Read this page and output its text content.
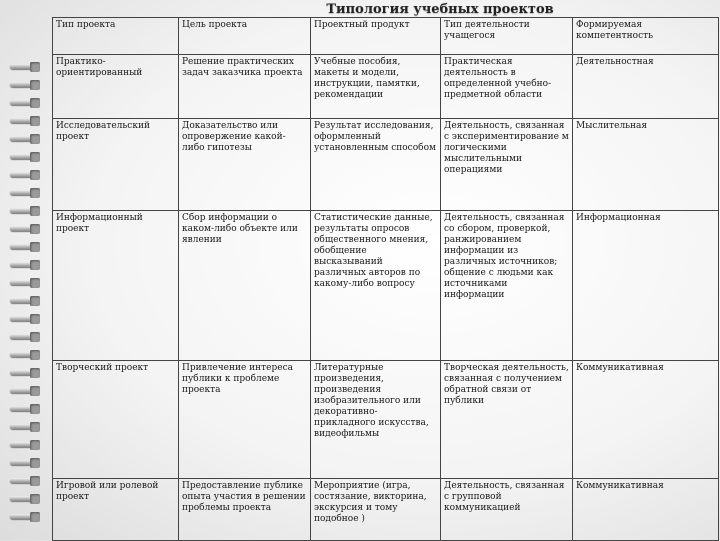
Типология учебных проектов
Тип проекта	Цель проекта	Проектный продукт	Тип деятельности учащегося	Формируемая компетентность
Практико-ориентированный	Решение практических задач заказчика проекта	Учебные пособия, макеты и модели, инструкции, памятки, рекомендации	Практическая деятельность в определенной учебно-предметной области	Деятельностная
Исследовательский проект	Доказательство или опровержение какой-либо гипотезы	Результат исследования, оформленный установленным способом	Деятельность, связанная с экспериментирование м логическими мыслительными операциями	Мыслительная
Информационный проект	Сбор информации о каком-либо объекте или явлении	Статистические данные, результаты опросов общественного мнения, обобщение высказываний различных авторов по какому-либо вопросу	Деятельность, связанная со сбором, проверкой, ранжированием информации из различных источников; общение с людьми как источниками информации	Информационная
Творческий проект	Привлечение интереса публики к проблеме проекта	Литературные произведения, произведения изобразительного или декоративно-прикладного искусства, видеофильмы	Творческая деятельность, связанная с получением обратной связи от публики	Коммуникативная
Игровой или ролевой проект	Предоставление публике опыта участия в решении проблемы проекта	Мероприятие (игра, состязание, викторина, экскурсия и тому подобное )	Деятельность, связанная с групповой коммуникацией	Коммуникативная
